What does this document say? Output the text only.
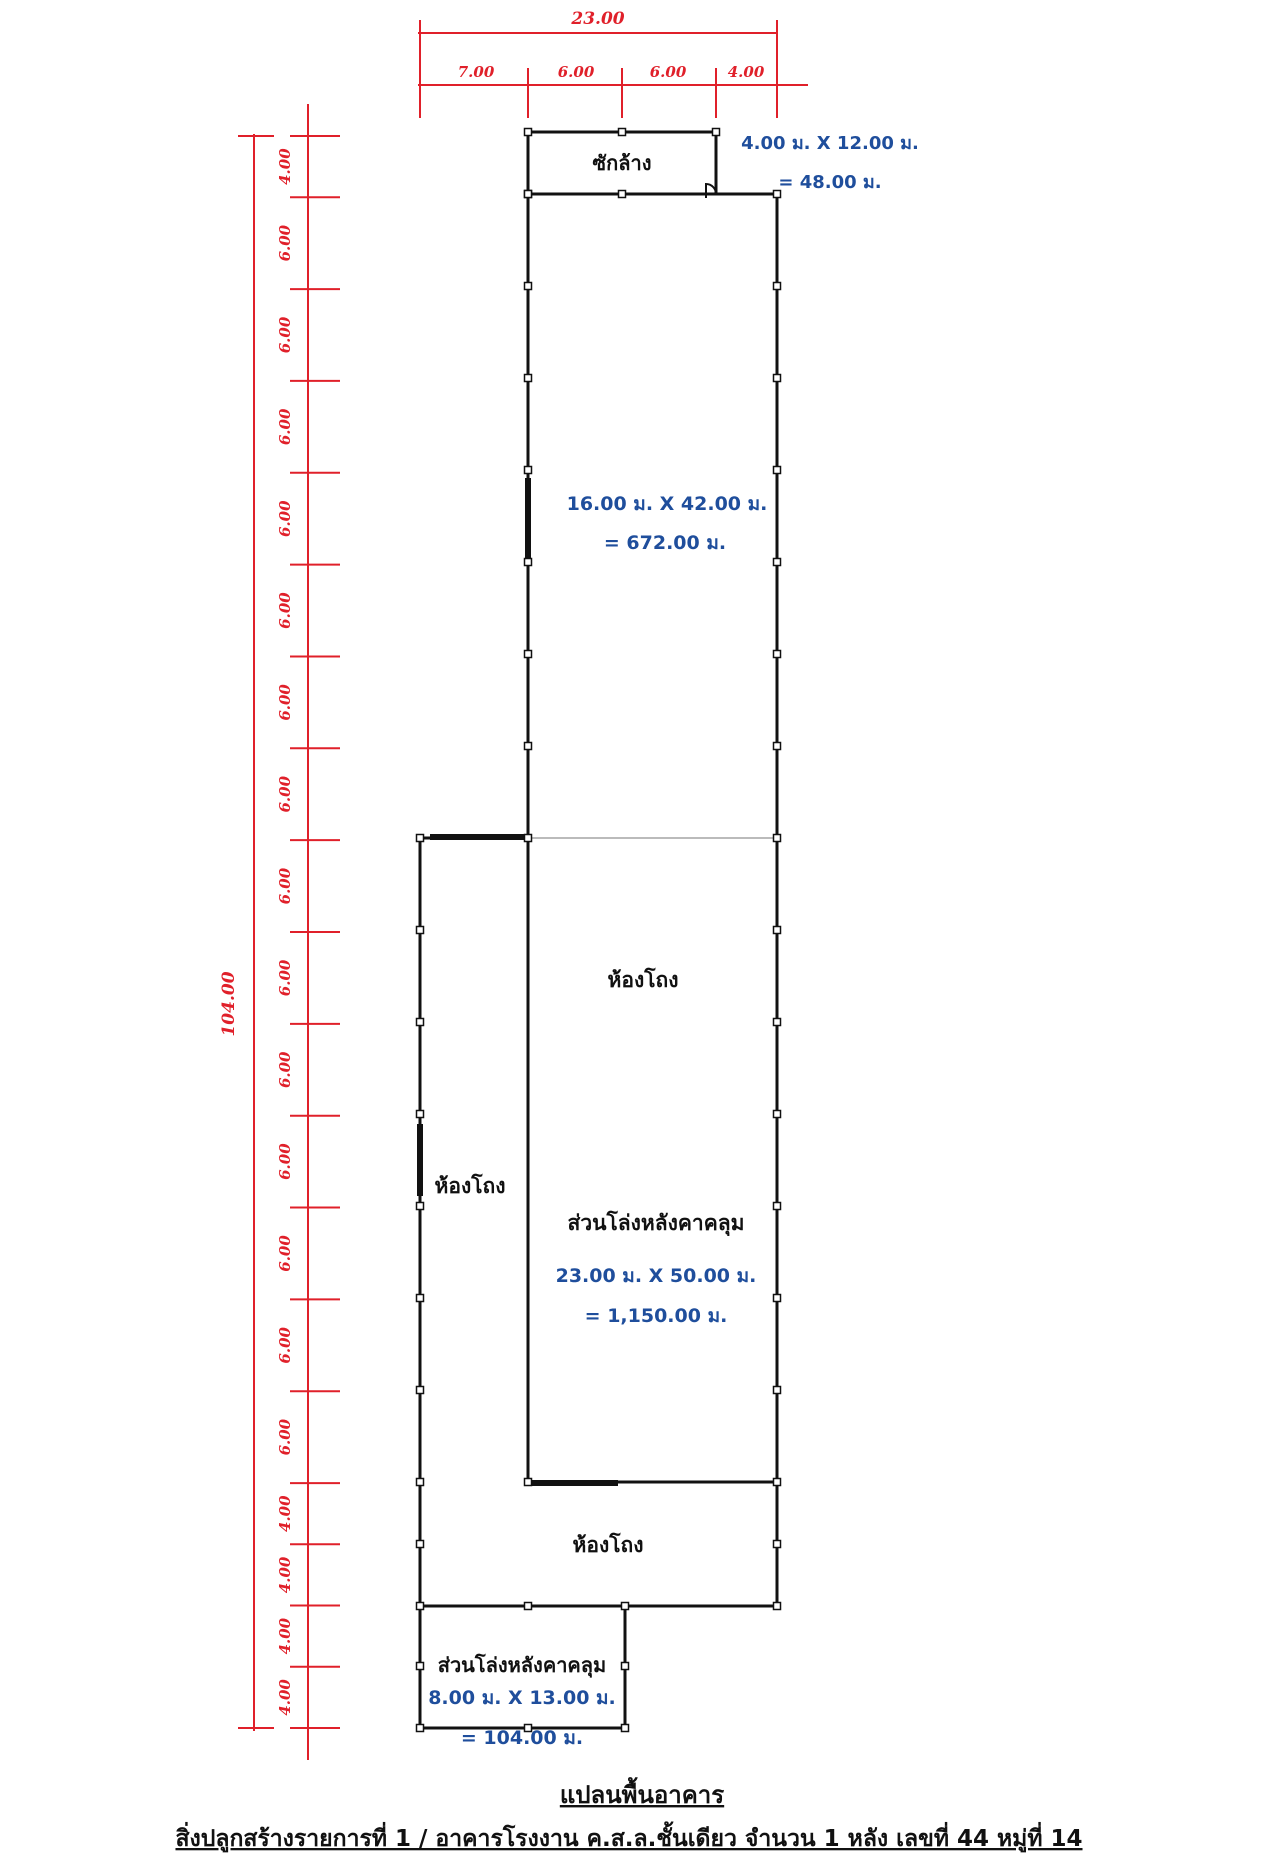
23.00
7.00	6.00	6.00	4.00
104.00
4.00
6.00
6.00
6.00
6.00
6.00
6.00
6.00
6.00
6.00
6.00
6.00
6.00
6.00
6.00
4.00
4.00
4.00
4.00
ซักล้าง
4.00 ม. X 12.00 ม.
= 48.00 ม.
16.00 ม. X 42.00 ม.
= 672.00 ม.
ห้องโถง
ห้องโถง
ส่วนโล่งหลังคาคลุม
23.00 ม. X 50.00 ม.
= 1,150.00 ม.
ห้องโถง
ส่วนโล่งหลังคาคลุม
8.00 ม. X 13.00 ม.
= 104.00 ม.
แปลนพื้นอาคาร
สิ่งปลูกสร้างรายการที่ 1 / อาคารโรงงาน ค.ส.ล.ชั้นเดียว จำนวน 1 หลัง เลขที่ 44 หมู่ที่ 14
